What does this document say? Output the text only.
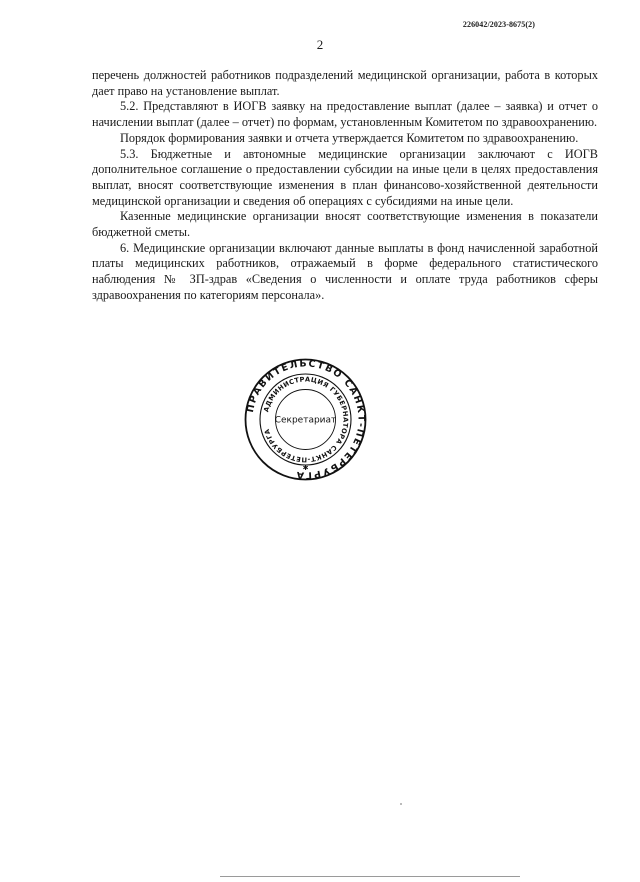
226042/2023-8675(2)
2

перечень должностей работников подразделений медицинской организации, работа в которых дает право на установление выплат.

5.2. Представляют в ИОГВ заявку на предоставление выплат (далее – заявка) и отчет о начислении выплат (далее – отчет) по формам, установленным Комитетом по здравоохранению.

Порядок формирования заявки и отчета утверждается Комитетом по здравоохранению.

5.3. Бюджетные и автономные медицинские организации заключают с ИОГВ дополнительное соглашение о предоставлении субсидии на иные цели в целях предоставления выплат, вносят соответствующие изменения в план финансово-хозяйственной деятельности медицинской организации и сведения об операциях с субсидиями на иные цели.

Казенные медицинские организации вносят соответствующие изменения в показатели бюджетной сметы.

6. Медицинские организации включают данные выплаты в фонд начисленной заработной платы медицинских работников, отражаемый в форме федерального статистического наблюдения № ЗП-здрав «Сведения о численности и оплате труда работников сферы здравоохранения по категориям персонала».

ПРАВИТЕЛЬСТВО САНКТ-ПЕТЕРБУРГА
АДМИНИСТРАЦИЯ ГУБЕРНАТОРА САНКТ-ПЕТЕРБУРГА
Секретариат
✱
